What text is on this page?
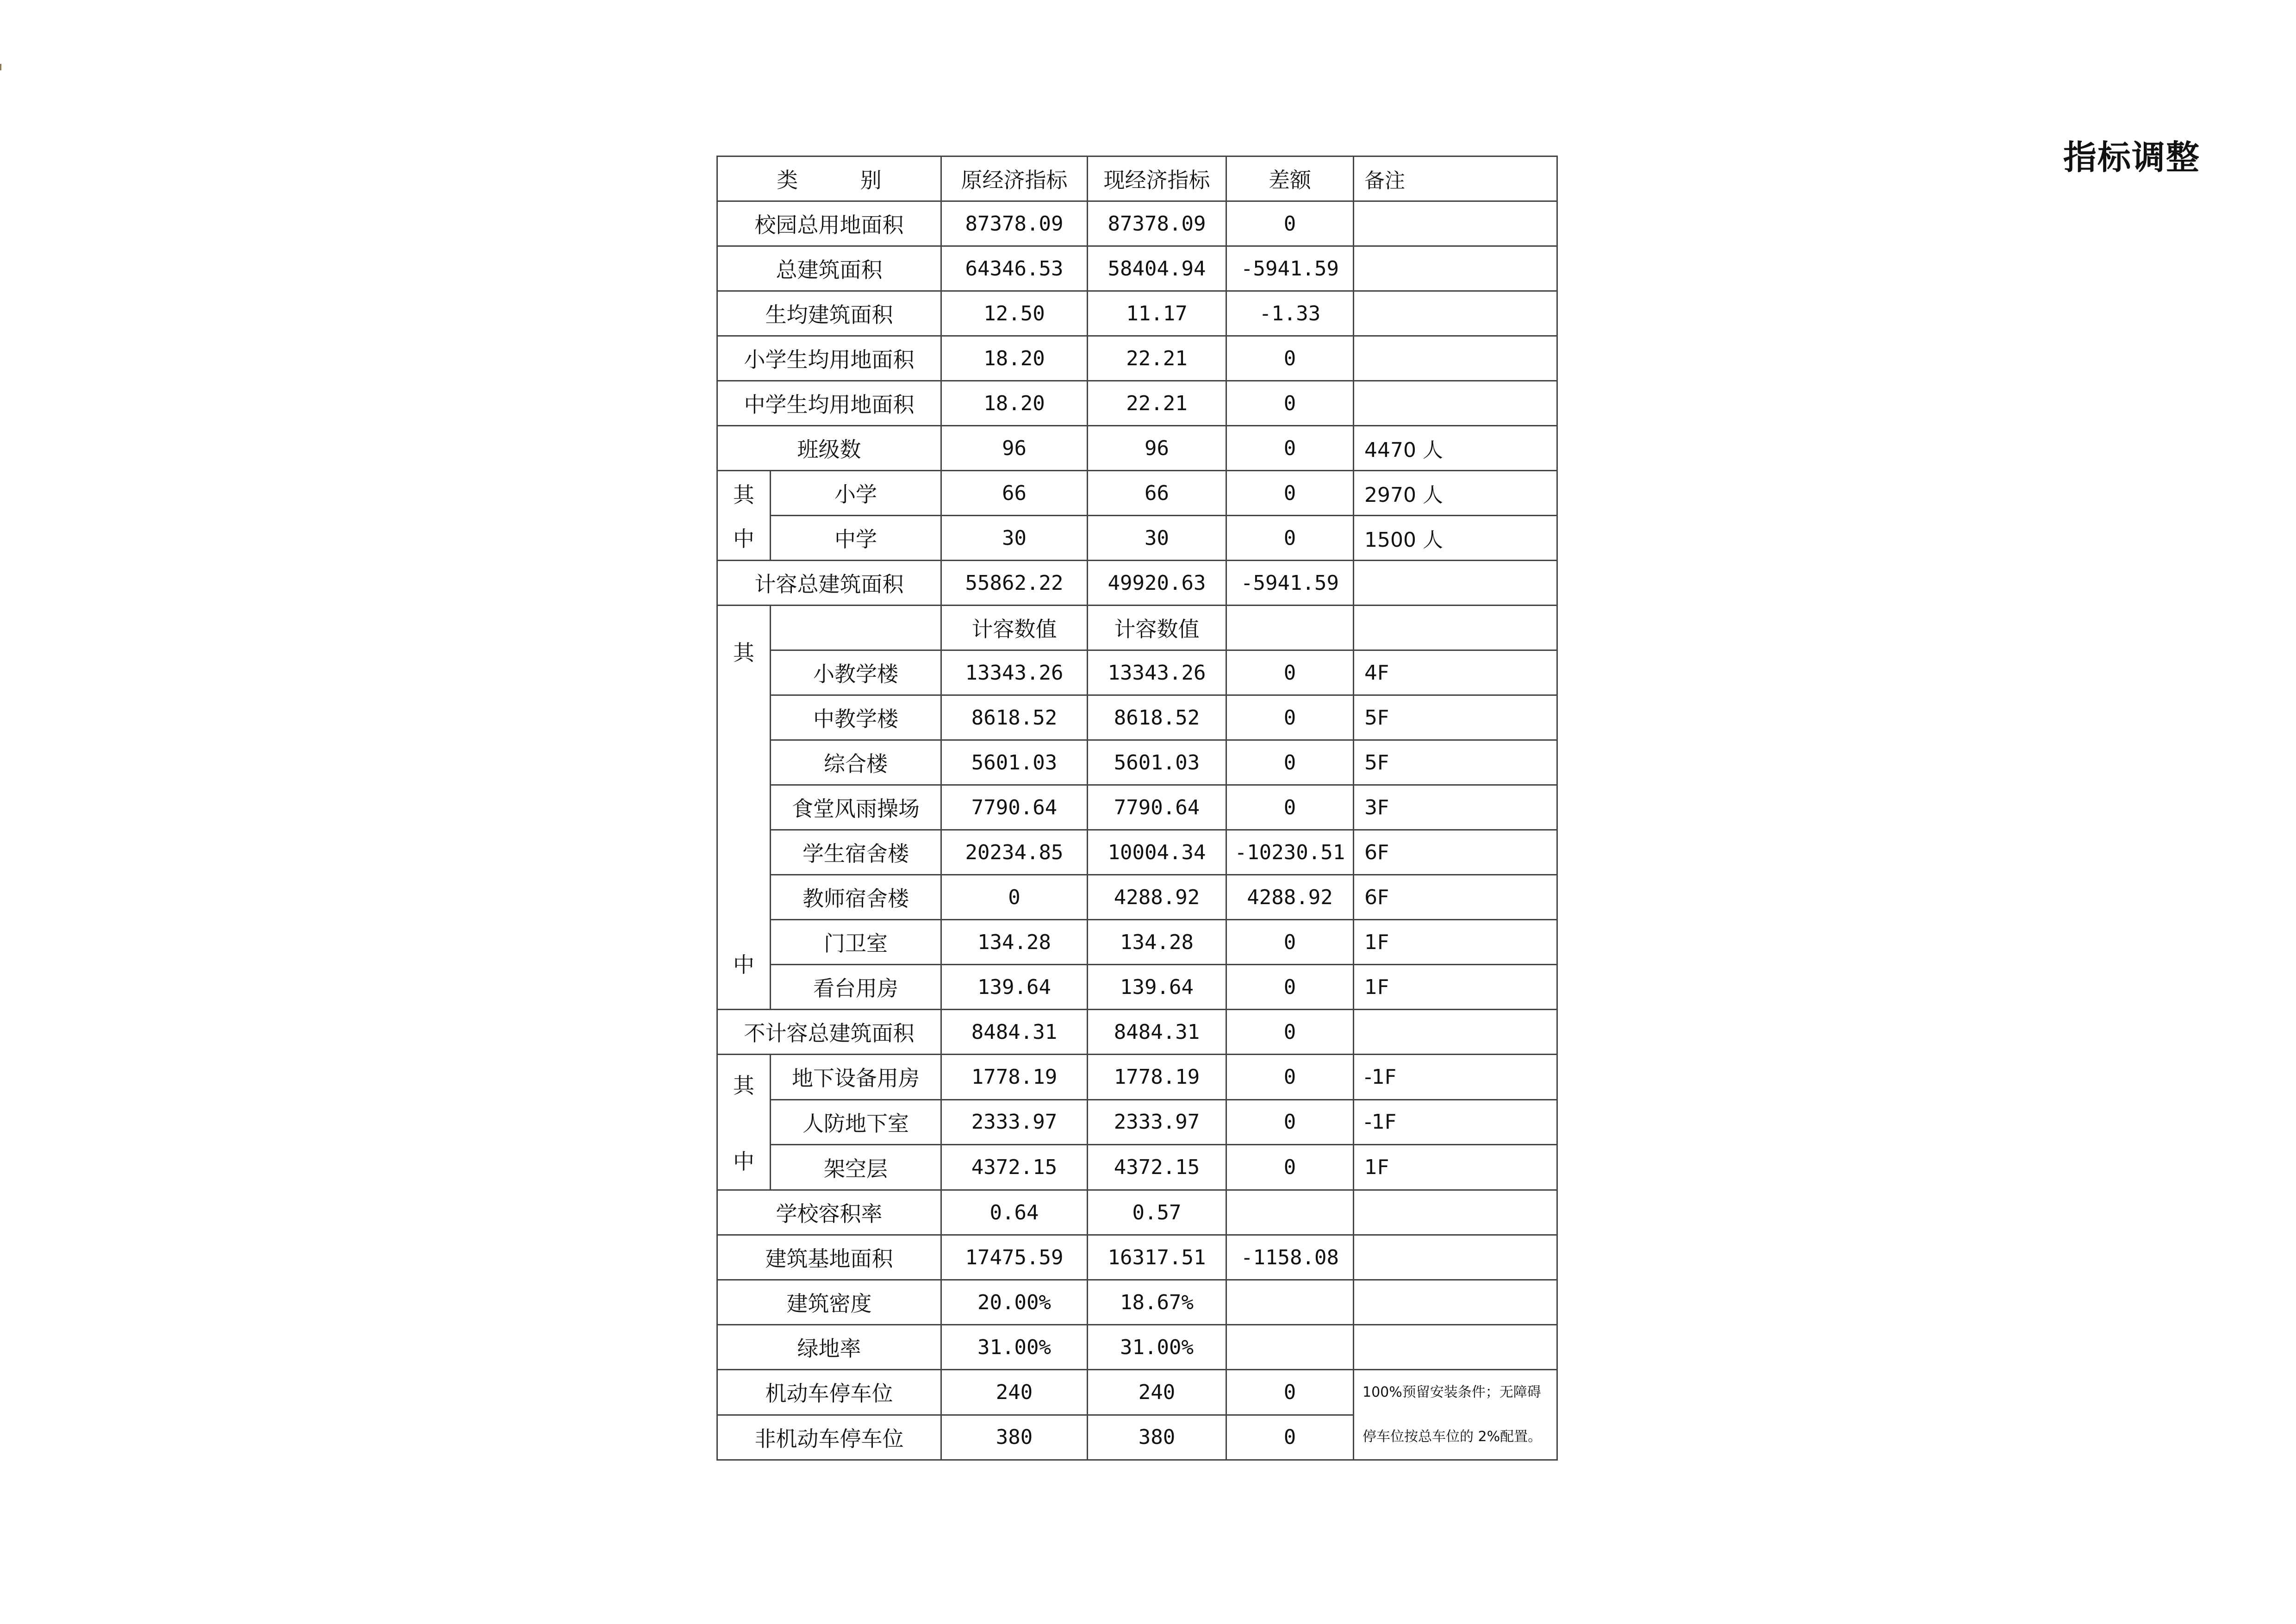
指标调整
类 别		原经济指标	现经济指标	差额	备注
校园总用地面积		87378.09	87378.09	0	
总建筑面积		64346.53	58404.94	-5941.59	
生均建筑面积		12.50	11.17	-1.33	
小学生均用地面积		18.20	22.21	0	
中学生均用地面积		18.20	22.21	0	
班级数		96	96	0	4470 人

其
中	小学	66	66	0	2970 人
	中学	30	30	0	1500 人
计容总建筑面积		55862.22	49920.63	-5941.59	

其
中		计容数值	计容数值		
	小教学楼	13343.26	13343.26	0	4F
	中教学楼	8618.52	8618.52	0	5F
	综合楼	5601.03	5601.03	0	5F
	食堂风雨操场	7790.64	7790.64	0	3F
	学生宿舍楼	20234.85	10004.34	-10230.51	6F
	教师宿舍楼	0	4288.92	4288.92	6F
	门卫室	134.28	134.28	0	1F
	看台用房	139.64	139.64	0	1F
不计容总建筑面积		8484.31	8484.31	0	

其
中	地下设备用房	1778.19	1778.19	0	-1F
	人防地下室	2333.97	2333.97	0	-1F
	架空层	4372.15	4372.15	0	1F
学校容积率		0.64	0.57		
建筑基地面积		17475.59	16317.51	-1158.08	
建筑密度		20.00%	18.67%		
绿地率		31.00%	31.00%		
机动车停车位		240	240	0	100%预留安装条件；无障碍
停车位按总车位的 2%配置。

非机动车停车位		380	380	0	
